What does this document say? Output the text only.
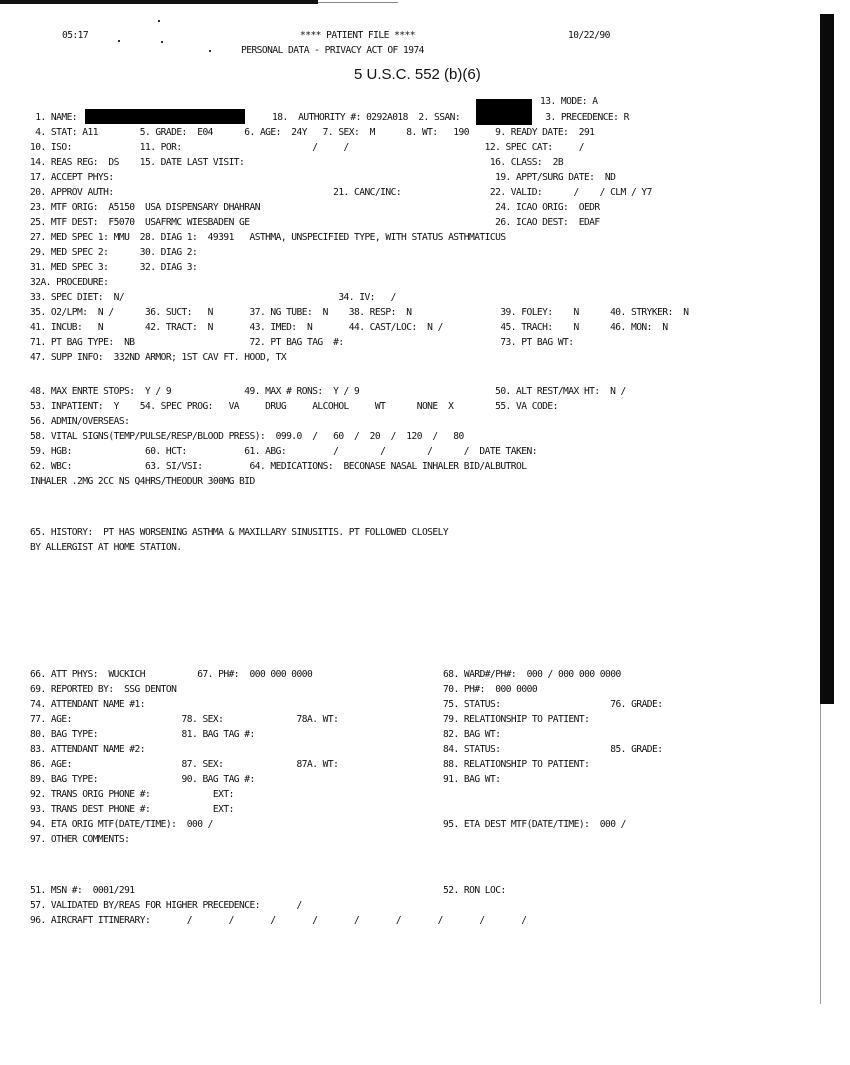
05:17	**** PATIENT FILE ****	10/22/90
PERSONAL DATA - PRIVACY ACT OF 1974
5 U.S.C. 552 (b)(6)
13. MODE: A
1. NAME:	18.  AUTHORITY #: 0292A018  2. SSAN:	3. PRECEDENCE: R
4. STAT: A11        5. GRADE:  E04      6. AGE:  24Y   7. SEX:  M      8. WT:   190     9. READY DATE:  291
10. ISO:             11. POR:                         /     /                          12. SPEC CAT:     /
14. REAS REG:  DS    15. DATE LAST VISIT:                                               16. CLASS:  2B
17. ACCEPT PHYS:                                                                         19. APPT/SURG DATE:  ND
20. APPROV AUTH:                                          21. CANC/INC:                 22. VALID:      /    / CLM / Y7
23. MTF ORIG:  A5150  USA DISPENSARY DHAHRAN                                             24. ICAO ORIG:  OEDR
25. MTF DEST:  F5070  USAFRMC WIESBADEN GE                                               26. ICAO DEST:  EDAF
27. MED SPEC 1: MMU  28. DIAG 1:  49391   ASTHMA, UNSPECIFIED TYPE, WITH STATUS ASTHMATICUS
29. MED SPEC 2:      30. DIAG 2:
31. MED SPEC 3:      32. DIAG 3:
32A. PROCEDURE:
33. SPEC DIET:  N/                                         34. IV:   /
35. O2/LPM:  N /      36. SUCT:   N       37. NG TUBE:  N    38. RESP:  N                 39. FOLEY:    N      40. STRYKER:  N
41. INCUB:   N        42. TRACT:  N       43. IMED:  N       44. CAST/LOC:  N /           45. TRACH:    N      46. MON:  N
71. PT BAG TYPE:  NB                      72. PT BAG TAG  #:                              73. PT BAG WT:
47. SUPP INFO:  332ND ARMOR; 1ST CAV FT. HOOD, TX
48. MAX ENRTE STOPS:  Y / 9              49. MAX # RONS:  Y / 9                          50. ALT REST/MAX HT:  N /
53. INPATIENT:  Y    54. SPEC PROG:   VA     DRUG     ALCOHOL     WT      NONE  X        55. VA CODE:
56. ADMIN/OVERSEAS:
58. VITAL SIGNS(TEMP/PULSE/RESP/BLOOD PRESS):  099.0  /   60  /  20  /  120  /   80
59. HGB:              60. HCT:           61. ABG:         /        /        /      /  DATE TAKEN:
62. WBC:              63. SI/VSI:         64. MEDICATIONS:  BECONASE NASAL INHALER BID/ALBUTROL
INHALER .2MG 2CC NS Q4HRS/THEODUR 300MG BID
65. HISTORY:  PT HAS WORSENING ASTHMA & MAXILLARY SINUSITIS. PT FOLLOWED CLOSELY
BY ALLERGIST AT HOME STATION.
66. ATT PHYS:  WUCKICH          67. PH#:  000 000 0000	68. WARD#/PH#:  000 / 000 000 0000
69. REPORTED BY:  SSG DENTON	70. PH#:  000 0000
74. ATTENDANT NAME #1:	75. STATUS:                     76. GRADE:
77. AGE:                     78. SEX:              78A. WT:	79. RELATIONSHIP TO PATIENT:
80. BAG TYPE:                81. BAG TAG #:	82. BAG WT:
83. ATTENDANT NAME #2:	84. STATUS:                     85. GRADE:
86. AGE:                     87. SEX:              87A. WT:	88. RELATIONSHIP TO PATIENT:
89. BAG TYPE:                90. BAG TAG #:	91. BAG WT:
92. TRANS ORIG PHONE #:            EXT:
93. TRANS DEST PHONE #:            EXT:
94. ETA ORIG MTF(DATE/TIME):  000 /	95. ETA DEST MTF(DATE/TIME):  000 /
97. OTHER COMMENTS:
51. MSN #:  0001/291	52. RON LOC:
57. VALIDATED BY/REAS FOR HIGHER PRECEDENCE:       /
96. AIRCRAFT ITINERARY:       /       /       /       /       /       /       /       /       /
